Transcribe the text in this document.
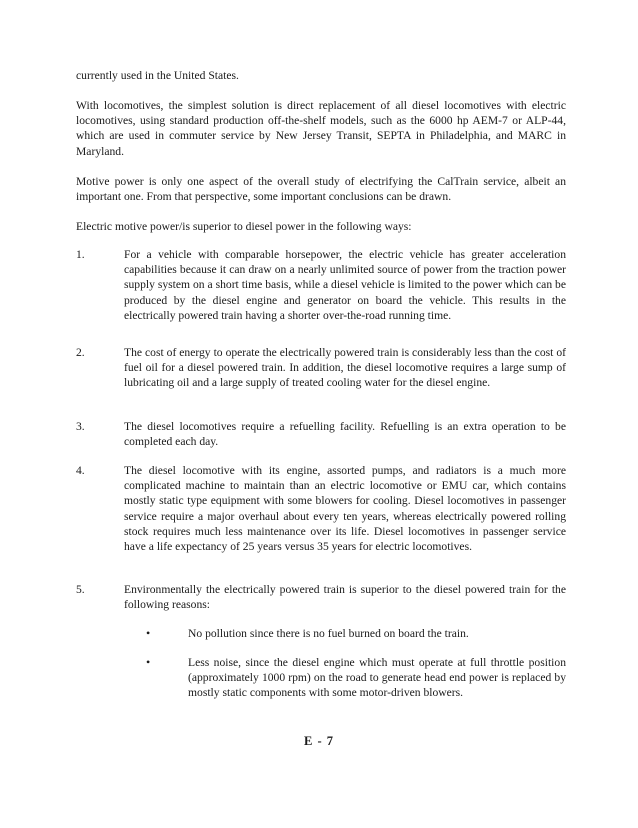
currently used in the United States.

With locomotives, the simplest solution is direct replacement of all diesel locomotives with electric locomotives, using standard production off-the-shelf models, such as the 6000 hp AEM-7 or ALP-44, which are used in commuter service by New Jersey Transit, SEPTA in Philadelphia, and MARC in Maryland.

Motive power is only one aspect of the overall study of electrifying the CalTrain service, albeit an important one. From that perspective, some important conclusions can be drawn.

Electric motive power/is superior to diesel power in the following ways:

1.	For a vehicle with comparable horsepower, the electric vehicle has greater acceleration capabilities because it can draw on a nearly unlimited source of power from the traction power supply system on a short time basis, while a diesel vehicle is limited to the power which can be produced by the diesel engine and generator on board the vehicle. This results in the electrically powered train having a shorter over-the-road running time.

2.	The cost of energy to operate the electrically powered train is considerably less than the cost of fuel oil for a diesel powered train. In addition, the diesel locomotive requires a large sump of lubricating oil and a large supply of treated cooling water for the diesel engine.

3.	The diesel locomotives require a refuelling facility. Refuelling is an extra operation to be completed each day.

4.	The diesel locomotive with its engine, assorted pumps, and radiators is a much more complicated machine to maintain than an electric locomotive or EMU car, which contains mostly static type equipment with some blowers for cooling. Diesel locomotives in passenger service require a major overhaul about every ten years, whereas electrically powered rolling stock requires much less maintenance over its life. Diesel locomotives in passenger service have a life expectancy of 25 years versus 35 years for electric locomotives.

5.	Environmentally the electrically powered train is superior to the diesel powered train for the following reasons:

•	No pollution since there is no fuel burned on board the train.

•	Less noise, since the diesel engine which must operate at full throttle position (approximately 1000 rpm) on the road to generate head end power is replaced by mostly static components with some motor-driven blowers.

E - 7
